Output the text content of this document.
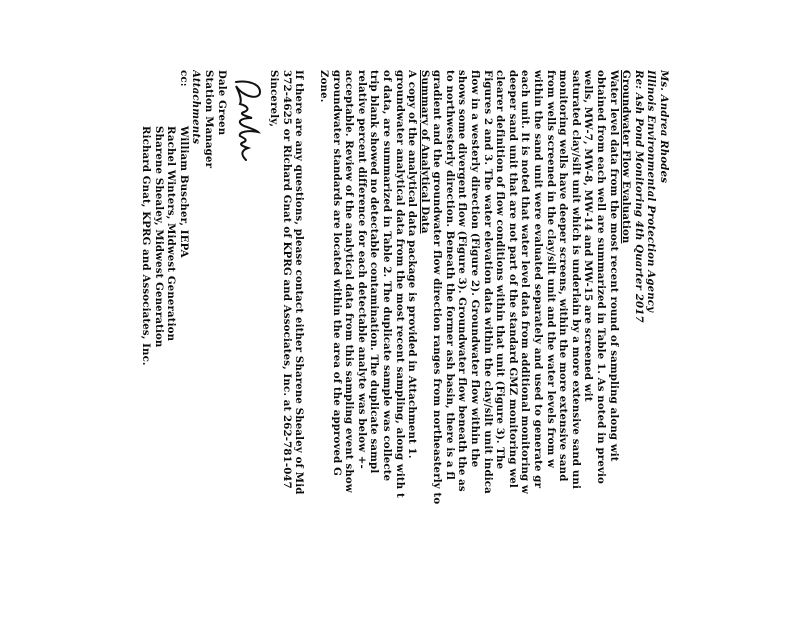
Ms. Andrea Rhodes
Illinois Environmental Protection Agency
Re: Ash Pond Monitoring 4th Quarter 2017
Groundwater Flow Evaluation
Water level data from the most recent round of sampling along wit
obtained from each well are summarized in Table 1. As noted in previo
wells, MW-7, MW-8, MW-14 and MW-15 are screened wit
saturated clay/silt unit which is underlain by a more extensive sand uni
monitoring wells have deeper screens, within the more extensive sand
from wells screened in the clay/silt unit and the water levels from w
within the sand unit were evaluated separately and used to generate gr
each unit. It is noted that water level data from additional monitoring w
deeper sand unit that are not part of the standard GMZ monitoring wel
clearer definition of flow conditions within that unit (Figure 3). The
Figures 2 and 3. The water elevation data within the clay/silt unit indica
flow in a westerly direction (Figure 2). Groundwater flow within the
shows some divergent flow (Figure 3). Groundwater flow beneath the as
to northwesterly direction. Beneath the former ash basin, there is a fl
gradient and the groundwater flow direction ranges from northeasterly to
Summary of Analytical Data
A copy of the analytical data package is provided in Attachment 1.
groundwater analytical data from the most recent sampling, along with t
of data, are summarized in Table 2. The duplicate sample was collecte
trip blank showed no detectable contamination. The duplicate sampl
relative percent difference for each detectable analyte was below +-
acceptable. Review of the analytical data from this sampling event show
groundwater standards are located within the area of the approved G
Zone.
If there are any questions, please contact either Sharene Shealey of Mid
372-4625 or Richard Gnat of KPRG and Associates, Inc. at 262-781-047
Sincerely,
Dale Green
Station Manager
Attachments
cc:
William Buscher, IEPA
Rachel Winters, Midwest Generation
Sharene Shealey, Midwest Generation
Richard Gnat, KPRG and Associates, Inc.
